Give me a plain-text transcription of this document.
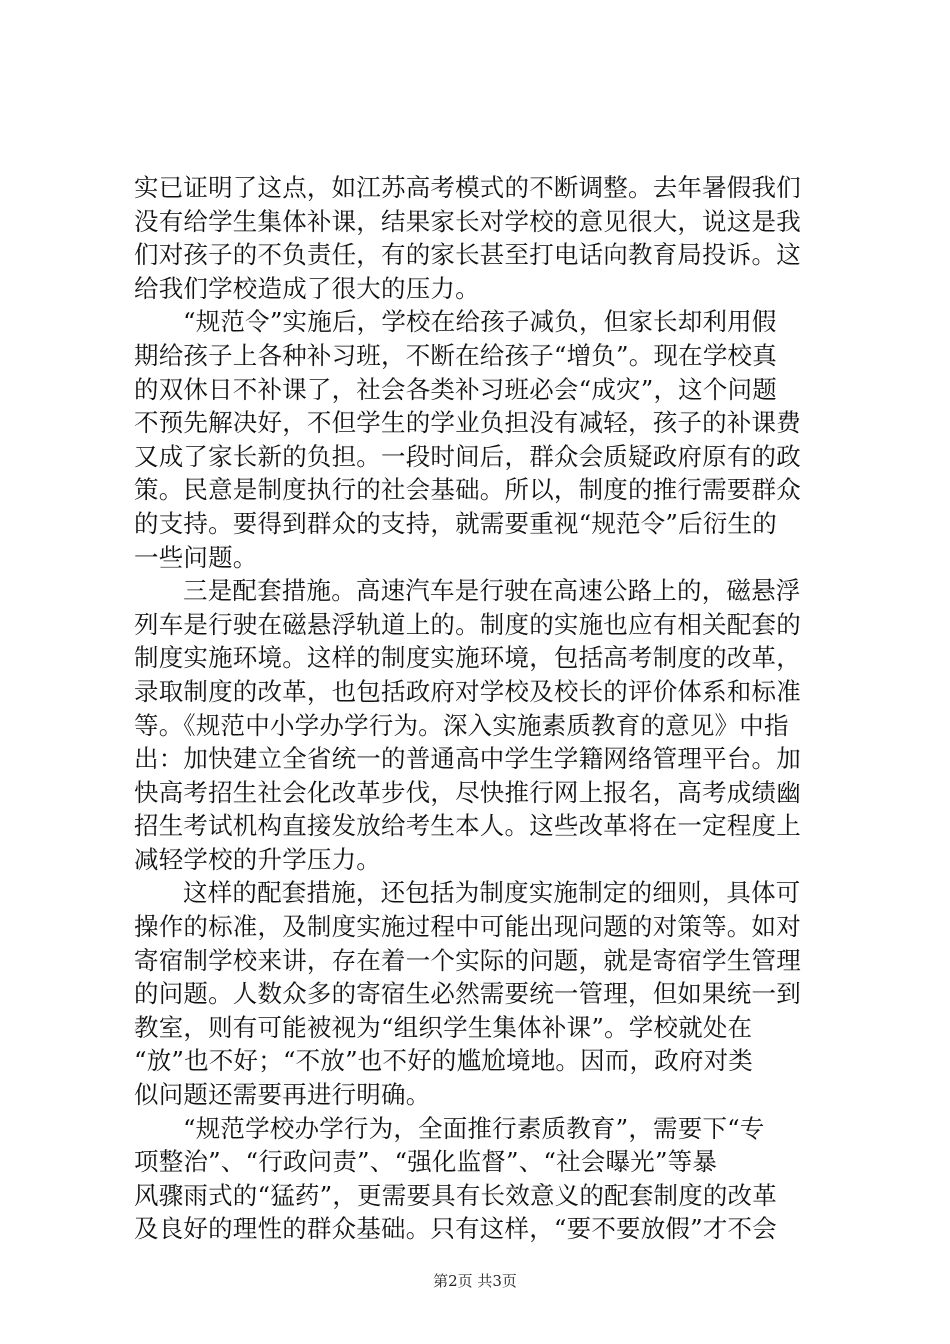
实已证明了这点，如江苏高考模式的不断调整。去年暑假我们
没有给学生集体补课，结果家长对学校的意见很大，说这是我
们对孩子的不负责任，有的家长甚至打电话向教育局投诉。这
给我们学校造成了很大的压力。
“规范令”实施后，学校在给孩子减负，但家长却利用假
期给孩子上各种补习班，不断在给孩子“增负”。现在学校真
的双休日不补课了，社会各类补习班必会“成灾”，这个问题
不预先解决好，不但学生的学业负担没有减轻，孩子的补课费
又成了家长新的负担。一段时间后，群众会质疑政府原有的政
策。民意是制度执行的社会基础。所以，制度的推行需要群众
的支持。要得到群众的支持，就需要重视“规范令”后衍生的
一些问题。
三是配套措施。高速汽车是行驶在高速公路上的，磁悬浮
列车是行驶在磁悬浮轨道上的。制度的实施也应有相关配套的
制度实施环境。这样的制度实施环境，包括高考制度的改革，
录取制度的改革，也包括政府对学校及校长的评价体系和标准
等。《规范中小学办学行为。深入实施素质教育的意见》中指
出：加快建立全省统一的普通高中学生学籍网络管理平台。加
快高考招生社会化改革步伐，尽快推行网上报名，高考成绩幽
招生考试机构直接发放给考生本人。这些改革将在一定程度上
减轻学校的升学压力。
这样的配套措施，还包括为制度实施制定的细则，具体可
操作的标准，及制度实施过程中可能出现问题的对策等。如对
寄宿制学校来讲，存在着一个实际的问题，就是寄宿学生管理
的问题。人数众多的寄宿生必然需要统一管理，但如果统一到
教室，则有可能被视为“组织学生集体补课”。学校就处在
“放”也不好；“不放”也不好的尴尬境地。因而，政府对类
似问题还需要再进行明确。
“规范学校办学行为，全面推行素质教育”，需要下“专
项整治”、“行政问责”、“强化监督”、“社会曝光”等暴
风骤雨式的“猛药”，更需要具有长效意义的配套制度的改革
及良好的理性的群众基础。只有这样，“要不要放假”才不会
第2页 共3页
